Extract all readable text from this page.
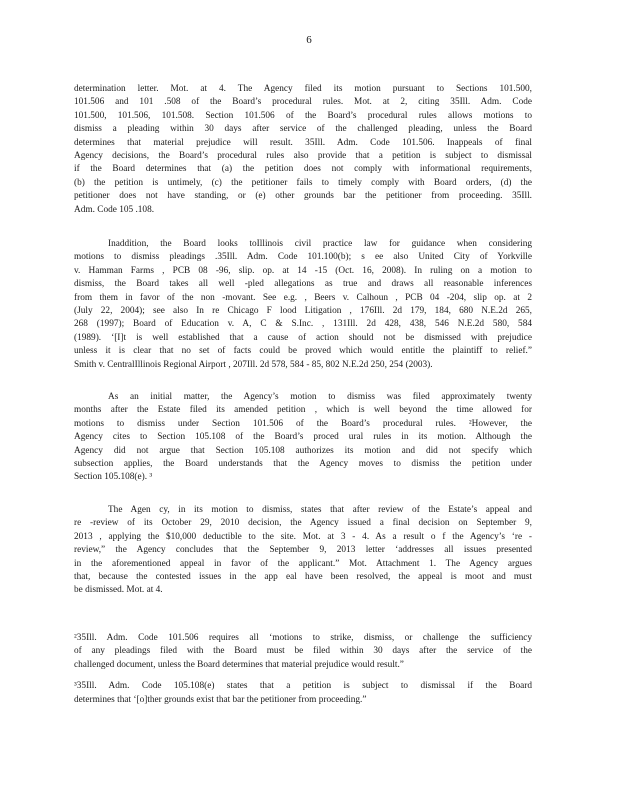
6
determination letter. Mot. at 4. The Agency filed its motion pursuant to Sections 101.500,
101.506 and 101 .508 of the Board’s procedural rules. Mot. at 2, citing 35Ill. Adm. Code
101.500, 101.506, 101.508. Section 101.506 of the Board’s procedural rules allows motions to
dismiss a pleading within 30 days after service of the challenged pleading, unless the Board
determines that material prejudice will result. 35Ill. Adm. Code 101.506. Inappeals of final
Agency decisions, the Board’s procedural rules also provide that a petition is subject to dismissal
if the Board determines that (a) the petition does not comply with informational requirements,
(b) the petition is untimely, (c) the petitioner fails to timely comply with Board orders, (d) the
petitioner does not have standing, or (e) other grounds bar the petitioner from proceeding. 35Ill.
Adm. Code 105 .108.
Inaddition, the Board looks toIllinois civil practice law for guidance when considering
motions to dismiss pleadings .35Ill. Adm. Code 101.100(b); s ee also United City of Yorkville
v. Hamman Farms , PCB 08 -96, slip. op. at 14 -15 (Oct. 16, 2008). In ruling on a motion to
dismiss, the Board takes all well -pled allegations as true and draws all reasonable inferences
from them in favor of the non -movant. See e.g. , Beers v. Calhoun , PCB 04 -204, slip op. at 2
(July 22, 2004); see also In re Chicago F lood Litigation , 176Ill. 2d 179, 184, 680 N.E.2d 265,
268 (1997); Board of Education v. A, C & S.Inc. , 131Ill. 2d 428, 438, 546 N.E.2d 580, 584
(1989). ‘[I]t is well established that a cause of action should not be dismissed with prejudice
unless it is clear that no set of facts could be proved which would entitle the plaintiff to relief.”
Smith v. CentralIllinois Regional Airport , 207Ill. 2d 578, 584 - 85, 802 N.E.2d 250, 254 (2003).
As an initial matter, the Agency’s motion to dismiss was filed approximately twenty
months after the Estate filed its amended petition , which is well beyond the time allowed for
motions to dismiss under Section 101.506 of the Board’s procedural rules. ²However, the
Agency cites to Section 105.108 of the Board’s proced ural rules in its motion. Although the
Agency did not argue that Section 105.108 authorizes its motion and did not specify which
subsection applies, the Board understands that the Agency moves to dismiss the petition under
Section 105.108(e). ³
The Agen cy, in its motion to dismiss, states that after review of the Estate’s appeal and
re -review of its October 29, 2010 decision, the Agency issued a final decision on September 9,
2013 , applying the $10,000 deductible to the site. Mot. at 3 - 4. As a result o f the Agency’s ‘re -
review,” the Agency concludes that the September 9, 2013 letter ‘addresses all issues presented
in the aforementioned appeal in favor of the applicant.” Mot. Attachment 1. The Agency argues
that, because the contested issues in the app eal have been resolved, the appeal is moot and must
be dismissed. Mot. at 4.
²35Ill. Adm. Code 101.506 requires all ‘motions to strike, dismiss, or challenge the sufficiency
of any pleadings filed with the Board must be filed within 30 days after the service of the
challenged document, unless the Board determines that material prejudice would result.”
³35Ill. Adm. Code 105.108(e) states that a petition is subject to dismissal if the Board
determines that ‘[o]ther grounds exist that bar the petitioner from proceeding.”
